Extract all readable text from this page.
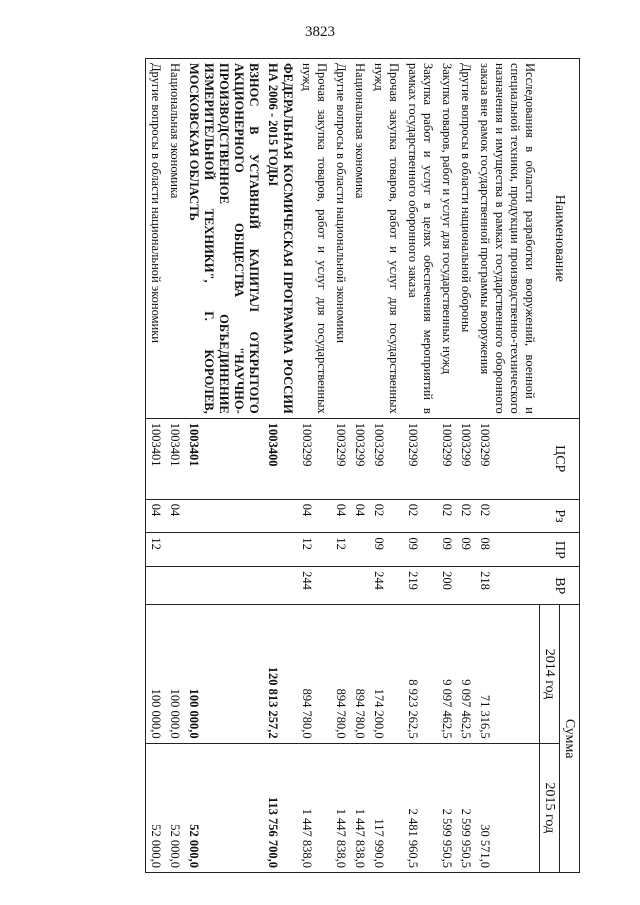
3823
Наименование	ЦСР	Рз	ПР	ВР	Сумма	
					2014 год	2015 год
Исследования в области разработки вооружений, военной и специальной техники, продукции производственно-технического назначения и имущества в рамках государственного оборонного заказа вне рамок государственной программы вооружения	1003299	02	08	218	71 316,5	30 571,0
Другие вопросы в области национальной обороны	1003299	02	09		9 097 462,5	2 599 950,5
Закупка товаров, работ и услуг для государственных нужд	1003299	02	09	200	9 097 462,5	2 599 950,5
Закупка работ и услуг в целях обеспечения мероприятий в рамках государственного оборонного заказа	1003299	02	09	219	8 923 262,5	2 481 960,5
Прочая закупка товаров, работ и услуг для государственных нужд	1003299	02	09	244	174 200,0	117 990,0
Национальная экономика	1003299	04			894 780,0	1 447 838,0
Другие вопросы в области национальной экономики	1003299	04	12		894 780,0	1 447 838,0
Прочая закупка товаров, работ и услуг для государственных нужд	1003299	04	12	244	894 780,0	1 447 838,0
ФЕДЕРАЛЬНАЯ КОСМИЧЕСКАЯ ПРОГРАММА РОССИИ НА 2006 - 2015 ГОДЫ	1003400				120 813 257,2	113 756 700,0
ВЗНОС В УСТАВНЫЙ КАПИТАЛ ОТКРЫТОГО АКЦИОНЕРНОГО ОБЩЕСТВА "НАУЧНО-ПРОИЗВОДСТВЕННОЕ ОБЪЕДИНЕНИЕ ИЗМЕРИТЕЛЬНОЙ ТЕХНИКИ", Г. КОРОЛЕВ, МОСКОВСКАЯ ОБЛАСТЬ	1003401				100 000,0	52 000,0
Национальная экономика	1003401	04			100 000,0	52 000,0
Другие вопросы в области национальной экономики	1003401	04	12		100 000,0	52 000,0
